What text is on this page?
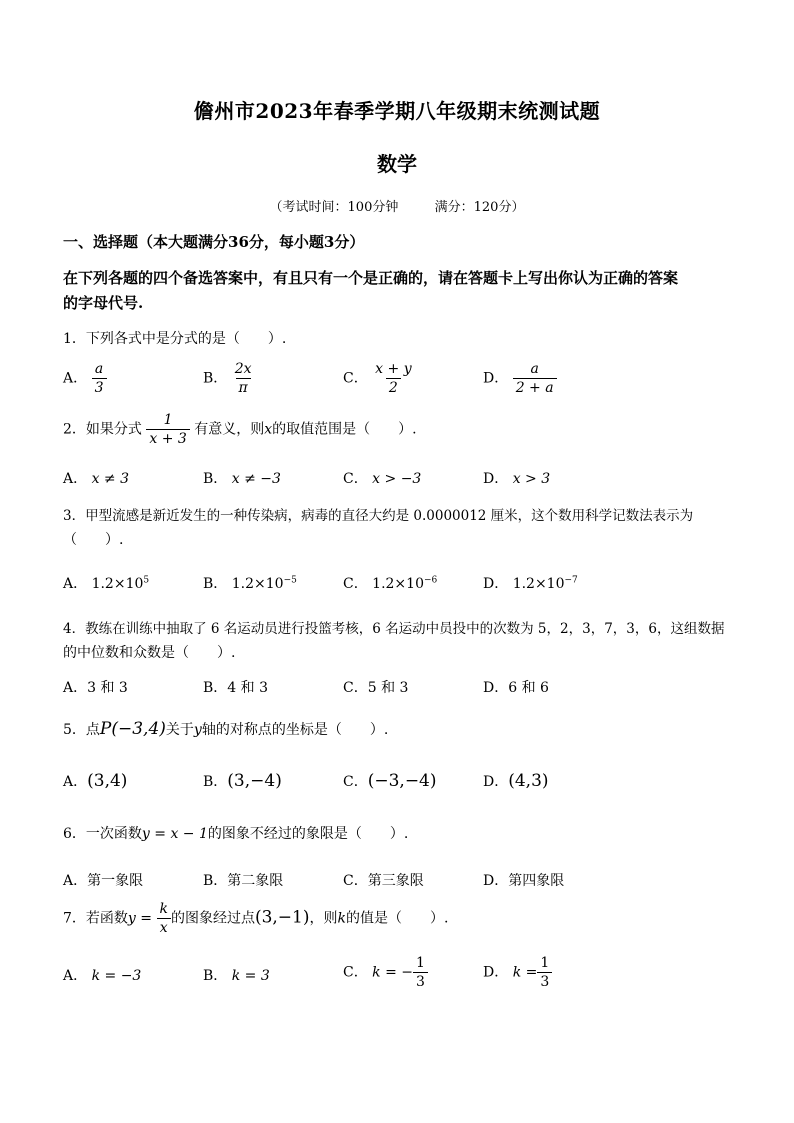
儋州市2023年春季学期八年级期末统测试题
数学
（考试时间：100分钟	满分：120分）
一、选择题（本大题满分36分，每小题3分）
在下列各题的四个备选答案中，有且只有一个是正确的，请在答题卡上写出你认为正确的答案
的字母代号.
1．下列各式中是分式的是（　　）.
A． $\frac{a}{3}$	B． $\frac{2x}{\pi}$	C． $\frac{x + y}{2}$	D． $\frac{a}{2 + a}$
2．如果分式 $\frac{1}{x + 3}$ 有意义，则x的取值范围是（　　）.
A． x ≠ 3	B． x ≠ −3	C． x > −3	D． x > 3
3．甲型流感是新近发生的一种传染病，病毒的直径大约是 0.0000012 厘米，这个数用科学记数法表示为
（　　）.
A． $1.2\times 10^5$	B． $1.2\times 10^{-5}$	C． $1.2\times 10^{-6}$	D． $1.2\times 10^{-7}$
4．教练在训练中抽取了 6 名运动员进行投篮考核，6 名运动中员投中的次数为 5，2，3，7，3，6，这组数据
的中位数和众数是（　　）.
A．3 和 3	B．4 和 3	C．5 和 3	D．6 和 6
5．点P(−3,4)关于y轴的对称点的坐标是（　　）.
A．(3,4)	B．(3,−4)	C．(−3,−4)	D．(4,3)
6．一次函数y = x − 1的图象不经过的象限是（　　）.
A．第一象限	B．第二象限	C．第三象限	D．第四象限
7．若函数$y = \frac{k}{x}$ 的图象经过点(3,−1)，则k的值是（　　）.
A． k = −3	B． k = 3	C． k = − $\frac{1}{3}$	D． $k = \frac{1}{3}$
